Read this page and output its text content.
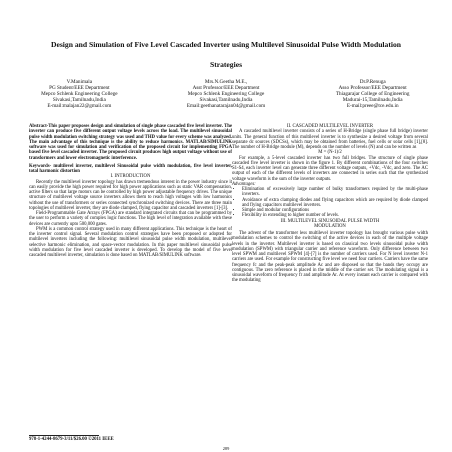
Design and Simulation of Five Level Cascaded Inverter using Multilevel Sinusoidal Pulse Width Modulation Strategies
V.Manimala
PG Student/EEE Department
Mepco Schlenk Engineering College
Sivakasi,Tamilnadu,India
E-mail:malajan22@gmail.com
Mrs.N.Geetha M.E.,
Asst Professor/EEE Department
Mepco Schlenk Engineering College
Sivakasi,Tamilnadu,India
Email:geethanatarajan04@gmail.com
Dr.P.Renuga
Asso Professor/EEE Department
Thiagarajar College of Engineering
Madurai-15,Tamilnadu,India
E-mail:preee@tce.edu.in

Abstract-This paper proposes design and simulation of single phase cascaded five level inverter. The inverter can produce five different output voltage levels across the load. The multilevel sinusoidal pulse width modulation switching strategy was used and THD value for every scheme was analyzed. The main advantage of this technique is the ability to reduce harmonics. MATLAB/SIMULINK software was used for simulation and verification of the proposed circuit for implementing FPGA based five level cascaded inverter. The proposed circuit produces high output voltage without use of transformers and lower electromagnetic interference.

Keywords- multilevel inverter, multilevel Sinusoidal pulse width modulation, five level inverter, total harmonic distortion

I. INTRODUCTION

Recently the multilevel inverter topology has drawn tremendous interest in the power industry since it can easily provide the high power required for high power applications such as static VAR compensation, active filters so that large motors can be controlled by high power adjustable frequency drives. The unique structure of multilevel voltage source inverters allows them to reach high voltages with low harmonics without the use of transformers or series connected synchronized switching devices. There are three main topologies of multilevel inverter, they are diode clamped, flying capacitor and cascaded inverters [1]-[3].

Field-Programmable Gate Arrays (FPGA) are standard integrated circuits that can be programmed by the user to perform a variety of complex logic functions. The high level of integration available with these devices are currently upto 500,000 gates.

PWM is a common control strategy used in many different applications. This technique is the heart of the inverter control signal. Several modulation control strategies have been proposed or adopted for multilevel inverters including the following: multilevel sinusoidal pulse width modulation, multilevel selective harmonic elimination, and space-vector modulation. In this paper multilevel sinusoidal pulse width modulation for five level cascaded inverter is developed. To develop the model of five level cascaded multilevel inverter, simulation is done based on MATLAB/SIMULINK software.

II. CASCADED MULTILEVEL INVERTER

A cascaded multilevel inverter consists of a series of H-Bridge (single phase full bridge) inverter units. The general function of this multilevel inverter is to synthesize a desired voltage from several separate dc sources (SDCSs), which may be obtained from batteries, fuel cells or solar cells [1],[8]. The number of H-Bridge module (M), depends on the number of levels (N) and can be written as

M = (N-1)/2

For example, a 5-level cascaded inverter has two full bridges. The structure of single phase cascaded five level inverter is shown in the figure 1. By different combinations of the four switches S1-S4, each inverter level can generate three different voltage outputs, +Vdc, -Vdc, and zero. The AC output of each of the different levels of inverters are connected in series such that the synthesized voltage waveform is the sum of the inverter outputs.

Advantages:

• Elimination of excessively large number of bulky transformers required by the multi-phase inverters.
• Avoidance of extra clamping diodes and flying capacitors which are required by diode clamped and flying capacitors multilevel inverters.
• Simple and modular configurations
• Flexibility in extending to higher number of levels.

III. MULTILEVEL SINUSOIDAL PULSE WIDTH

MODULATION

The advent of the transformer less multilevel inverter topology has brought various pulse width modulation schemes to control the switching of the active devices in each of the multiple voltage levels in the inverter. Multilevel inverter is based on classical two levels sinusoidal pulse width modulation (SPWM) with triangular carrier and reference waveform. Only difference between two level SPWM and multilevel SPWM [4]-[7] is the number of carriers used. For N level inverter N-1 carriers are used. For example for constructing five level we need four carriers. Carriers have the same frequency fc and the peak-peak amplitude Ac and are disposed so that the bands they occupy are contiguous. The zero reference is placed in the middle of the carrier set. The modulating signal is a sinusoidal waveform of frequency fr and amplitude Ar. At every instant each carrier is compared with the modulating

978-1-4244-8679-3/11/$26.00 ©2011 IEEE
289
